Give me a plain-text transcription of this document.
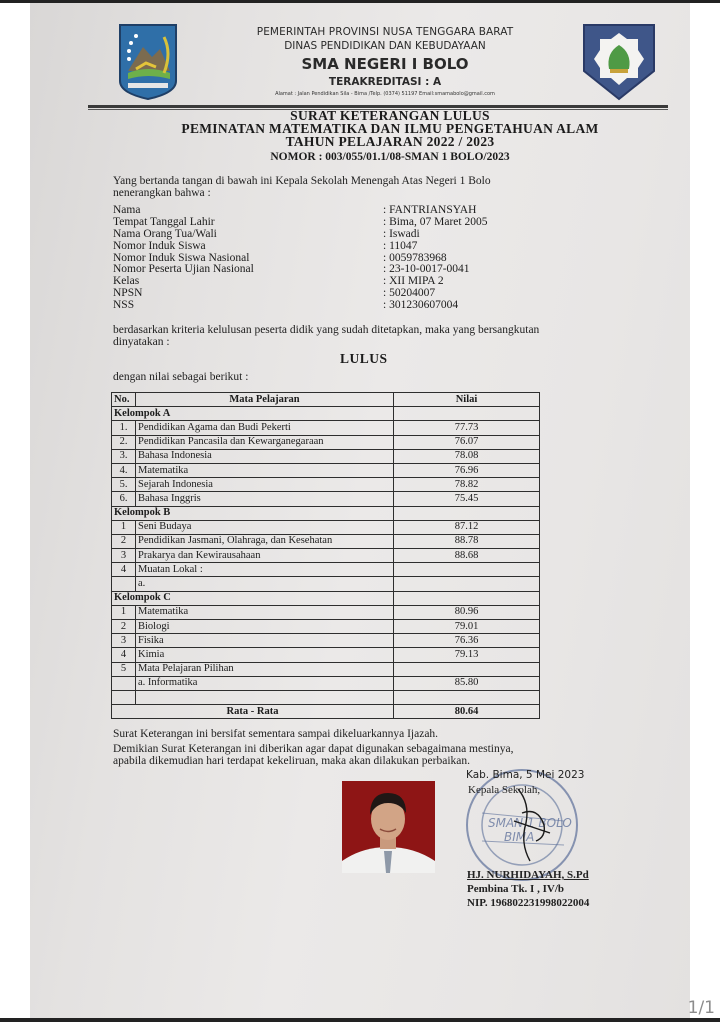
PEMERINTAH PROVINSI NUSA TENGGARA BARAT
DINAS PENDIDIKAN DAN KEBUDAYAAN
SMA NEGERI I BOLO
TERAKREDITASI : A
Alamat : Jalan Pendidikan Sila - Bima /Telp. (0374) 51197 Email:smamabolo@gmail.com
SURAT KETERANGAN LULUS
PEMINATAN MATEMATIKA DAN ILMU PENGETAHUAN ALAM
TAHUN PELAJARAN 2022 / 2023
NOMOR : 003/055/01.1/08-SMAN 1 BOLO/2023
Yang bertanda tangan di bawah ini Kepala Sekolah Menengah Atas Negeri 1 Bolo
nenerangkan bahwa :
Nama	: FANTRIANSYAH
Tempat Tanggal Lahir	: Bima, 07 Maret 2005
Nama Orang Tua/Wali	: Iswadi
Nomor Induk Siswa	: 11047
Nomor Induk Siswa Nasional	: 0059783968
Nomor Peserta Ujian Nasional	: 23-10-0017-0041
Kelas	: XII MIPA 2
NPSN	: 50204007
NSS	: 301230607004
berdasarkan kriteria kelulusan peserta didik yang sudah ditetapkan, maka yang bersangkutan
dinyatakan :
LULUS
dengan nilai sebagai berikut :
No.	Mata Pelajaran	Nilai
Kelompok A		
1.	Pendidikan Agama dan Budi Pekerti	77.73
2.	Pendidikan Pancasila dan Kewarganegaraan	76.07
3.	Bahasa Indonesia	78.08
4.	Matematika	76.96
5.	Sejarah Indonesia	78.82
6.	Bahasa Inggris	75.45
Kelompok B		
1	Seni Budaya	87.12
2	Pendidikan Jasmani, Olahraga, dan Kesehatan	88.78
3	Prakarya dan Kewirausahaan	88.68
4	Muatan Lokal :	
	a.	
Kelompok C		
1	Matematika	80.96
2	Biologi	79.01
3	Fisika	76.36
4	Kimia	79.13
5	Mata Pelajaran Pilihan	
	a. Informatika	85.80

Rata - Rata		80.64
Surat Keterangan ini bersifat sementara sampai dikeluarkannya Ijazah.
Demikian Surat Keterangan ini diberikan agar dapat digunakan sebagaimana mestinya,
apabila dikemudian hari terdapat kekeliruan, maka akan dilakukan perbaikan.
SMAN 1 BOLO
BIMA
Kab. Bima, 5 Mei 2023
Kepala Sekolah,
HJ. NURHIDAYAH, S.Pd
Pembina Tk. I , IV/b
NIP. 196802231998022004
1/1
